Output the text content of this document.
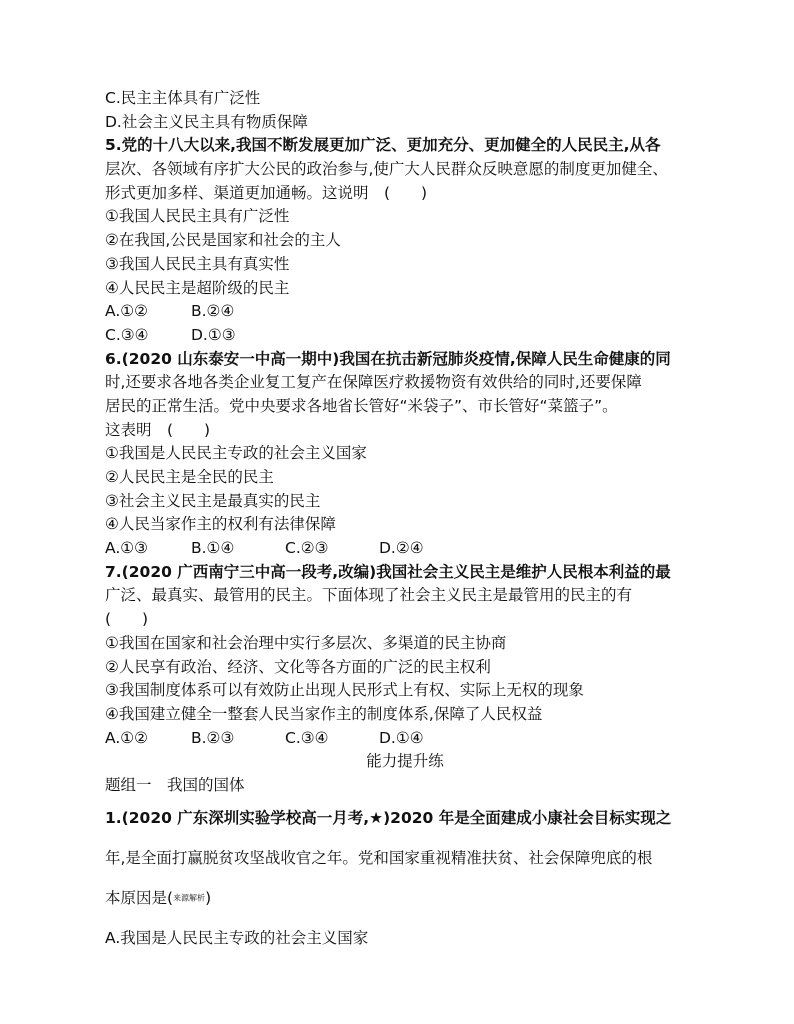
C.民主主体具有广泛性
D.社会主义民主具有物质保障
5.党的十八大以来,我国不断发展更加广泛、更加充分、更加健全的人民民主,从各
层次、各领域有序扩大公民的政治参与,使广大人民群众反映意愿的制度更加健全、
形式更加多样、渠道更加通畅。这说明　(　　)
①我国人民民主具有广泛性
②在我国,公民是国家和社会的主人
③我国人民民主具有真实性
④人民民主是超阶级的民主
A.①②	B.②④
C.③④	D.①③
6.(2020 山东泰安一中高一期中)我国在抗击新冠肺炎疫情,保障人民生命健康的同
时,还要求各地各类企业复工复产在保障医疗救援物资有效供给的同时,还要保障
居民的正常生活。党中央要求各地省长管好“米袋子”、市长管好“菜篮子”。
这表明　(　　)
①我国是人民民主专政的社会主义国家
②人民民主是全民的民主
③社会主义民主是最真实的民主
④人民当家作主的权利有法律保障
A.①③	B.①④	C.②③	D.②④
7.(2020 广西南宁三中高一段考,改编)我国社会主义民主是维护人民根本利益的最
广泛、最真实、最管用的民主。下面体现了社会主义民主是最管用的民主的有
(　　)
①我国在国家和社会治理中实行多层次、多渠道的民主协商
②人民享有政治、经济、文化等各方面的广泛的民主权利
③我国制度体系可以有效防止出现人民形式上有权、实际上无权的现象
④我国建立健全一整套人民当家作主的制度体系,保障了人民权益
A.①②	B.②③	C.③④	D.①④
能力提升练
题组一　我国的国体
1.(2020 广东深圳实验学校高一月考,★)2020 年是全面建成小康社会目标实现之
年,是全面打赢脱贫攻坚战收官之年。党和国家重视精准扶贫、社会保障兜底的根
本原因是(来源解析)
A.我国是人民民主专政的社会主义国家
